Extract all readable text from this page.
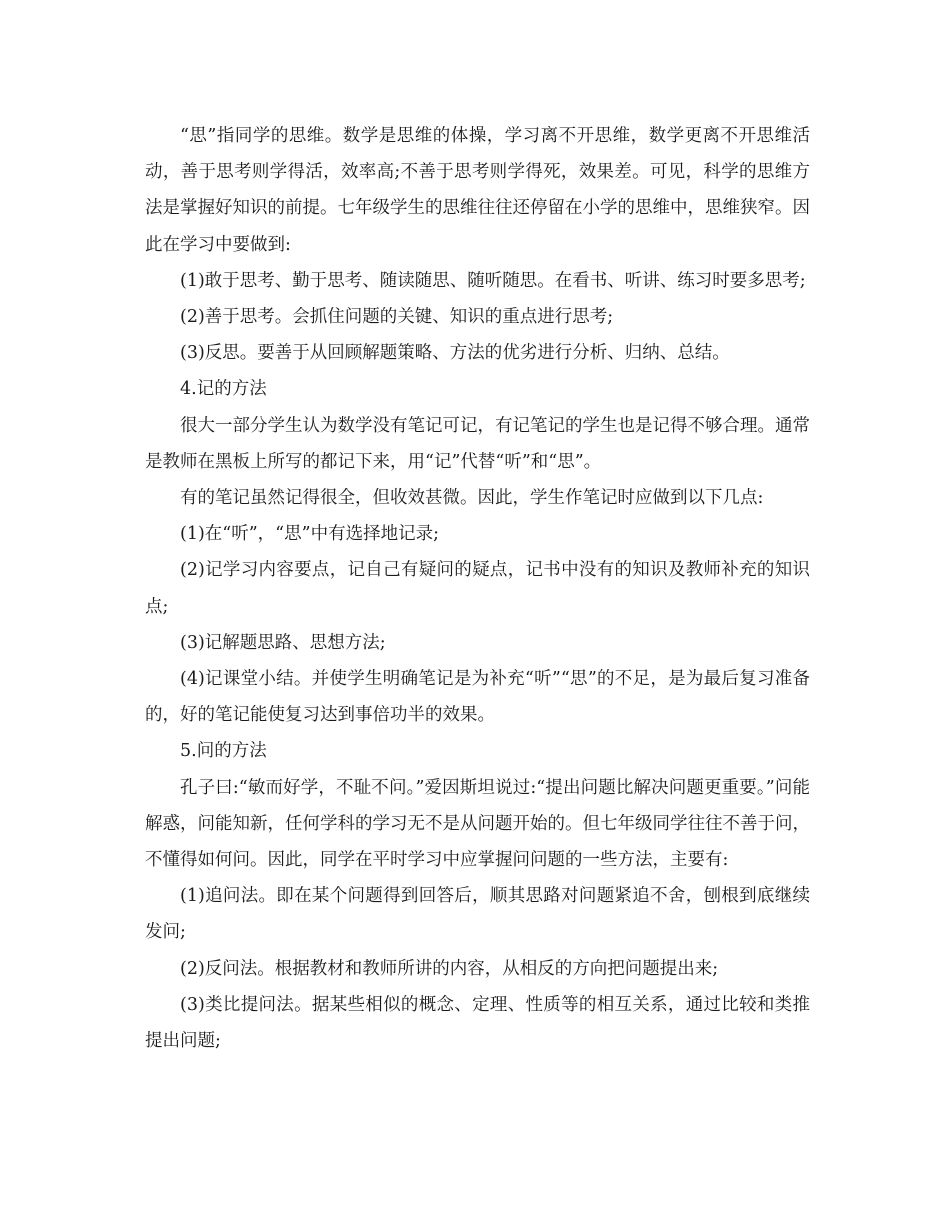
“思”指同学的思维。数学是思维的体操，学习离不开思维，数学更离不开思维活动，善于思考则学得活，效率高;不善于思考则学得死，效果差。可见，科学的思维方法是掌握好知识的前提。七年级学生的思维往往还停留在小学的思维中，思维狭窄。因此在学习中要做到:

(1)敢于思考、勤于思考、随读随思、随听随思。在看书、听讲、练习时要多思考;

(2)善于思考。会抓住问题的关键、知识的重点进行思考;

(3)反思。要善于从回顾解题策略、方法的优劣进行分析、归纳、总结。

4.记的方法

很大一部分学生认为数学没有笔记可记，有记笔记的学生也是记得不够合理。通常是教师在黑板上所写的都记下来，用“记”代替“听”和“思”。

有的笔记虽然记得很全，但收效甚微。因此，学生作笔记时应做到以下几点:

(1)在“听”，“思”中有选择地记录;

(2)记学习内容要点，记自己有疑问的疑点，记书中没有的知识及教师补充的知识点;

(3)记解题思路、思想方法;

(4)记课堂小结。并使学生明确笔记是为补充“听”“思”的不足，是为最后复习准备的，好的笔记能使复习达到事倍功半的效果。

5.问的方法

孔子曰:“敏而好学，不耻不问。”爱因斯坦说过:“提出问题比解决问题更重要。”问能解惑，问能知新，任何学科的学习无不是从问题开始的。但七年级同学往往不善于问，不懂得如何问。因此，同学在平时学习中应掌握问问题的一些方法，主要有:

(1)追问法。即在某个问题得到回答后，顺其思路对问题紧追不舍，刨根到底继续发问;

(2)反问法。根据教材和教师所讲的内容，从相反的方向把问题提出来;

(3)类比提问法。据某些相似的概念、定理、性质等的相互关系，通过比较和类推提出问题;
